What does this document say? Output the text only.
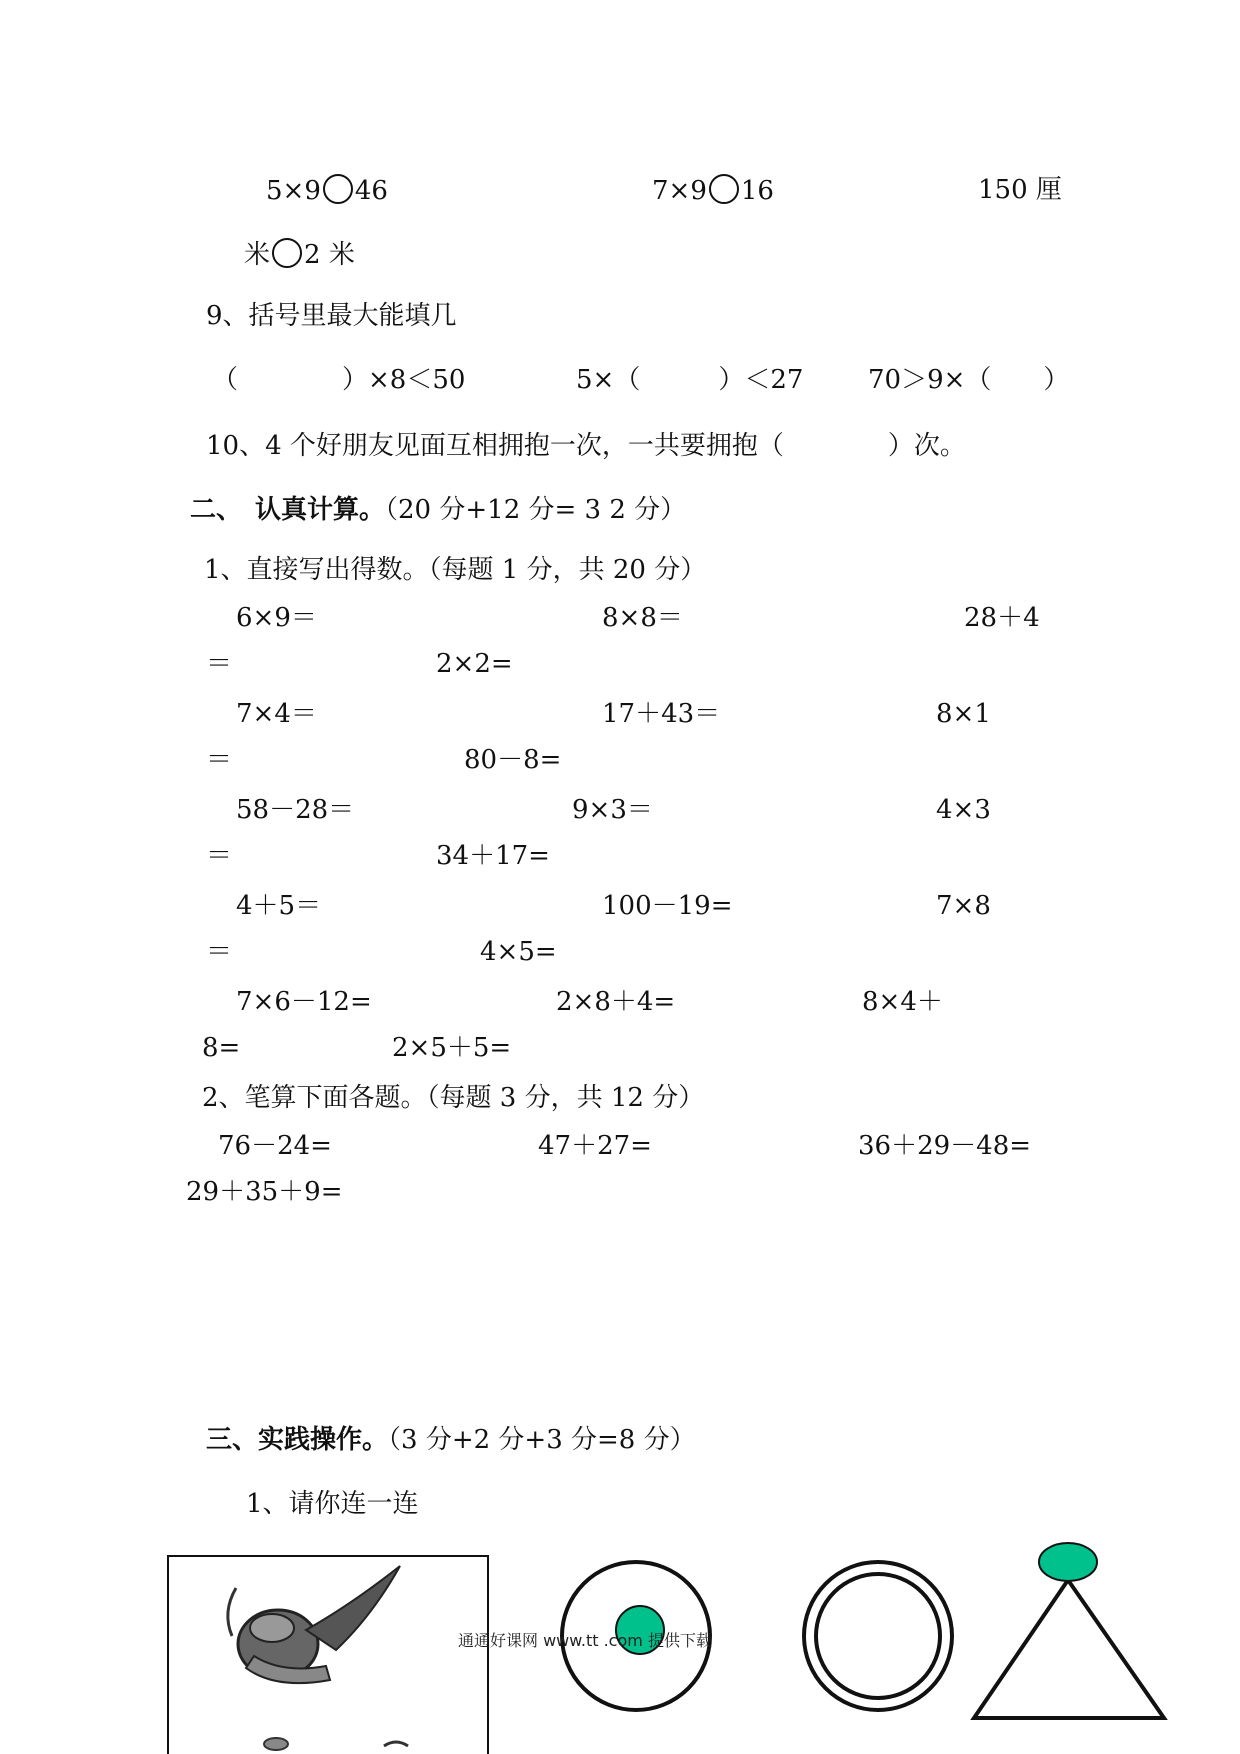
5×9 46	7×9 16	150 厘
米 2 米
9、括号里最大能填几
（　　　　）×8＜50	5×（　　　）＜27 70＞9×（　　）
10、4 个好朋友见面互相拥抱一次，一共要拥抱（　　　　）次。
二、　认真计算。（20 分+12 分= 3 2 分）
1、直接写出得数。（每题 1 分，共 20 分）
6×9＝	8×8＝	28＋4
＝	2×2=
7×4＝	17＋43＝	8×1
＝	80－8=
58－28＝	9×3＝	4×3
＝	34＋17=
4＋5＝	100－19=	7×8
＝	4×5=
7×6－12=	2×8＋4=	8×4＋
8=	2×5＋5=
2、笔算下面各题。（每题 3 分，共 12 分）
76－24=	47＋27=	36＋29－48=
29＋35＋9=
三、实践操作。（3 分+2 分+3 分=8 分）
1、请你连一连
通通好课网 www.tt .com 提供下载
